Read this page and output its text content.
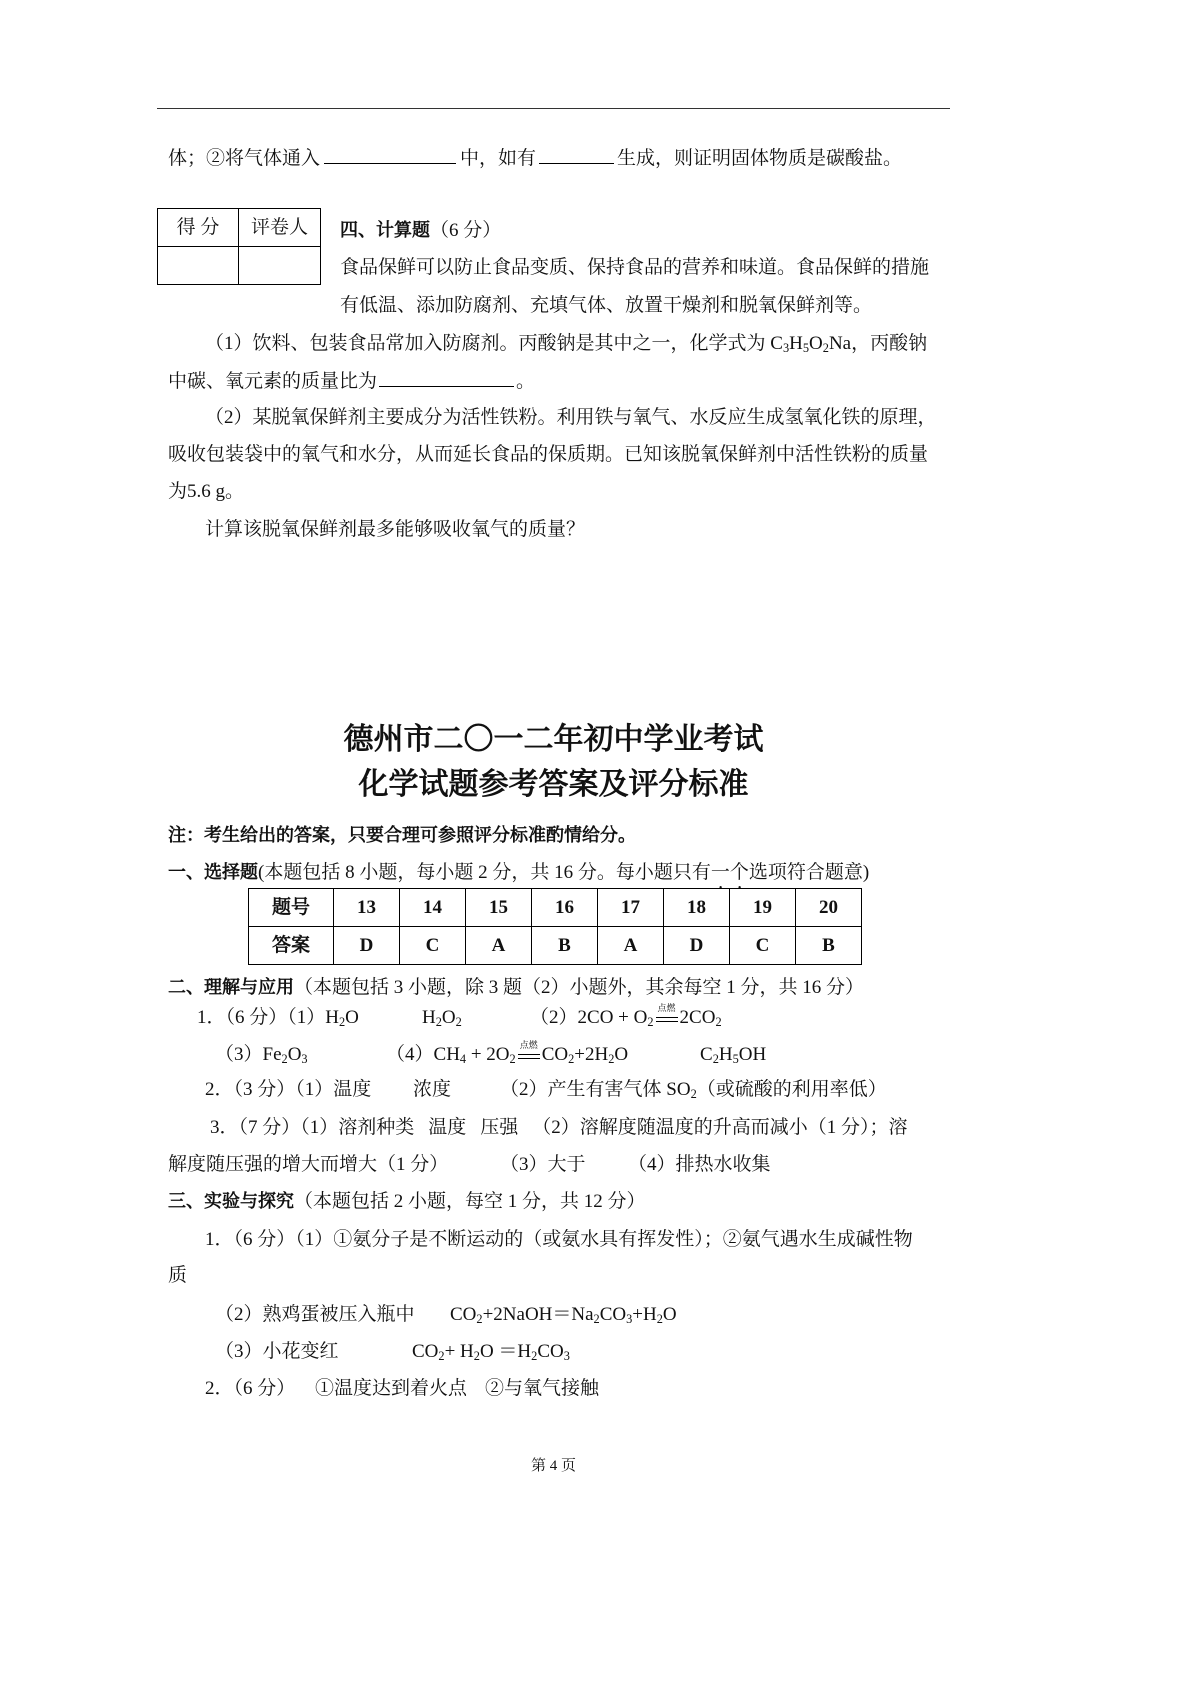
体；②将气体通入	中，如有	生成，则证明固体物质是碳酸盐。
得 分	评卷人
	四、计算题（6 分）
食品保鲜可以防止食品变质、保持食品的营养和味道。食品保鲜的措施
有低温、添加防腐剂、充填气体、放置干燥剂和脱氧保鲜剂等。
（1）饮料、包装食品常加入防腐剂。丙酸钠是其中之一，化学式为 $C_3H_5O_2Na$，丙酸钠
中碳、氧元素的质量比为	。
（2）某脱氧保鲜剂主要成分为活性铁粉。利用铁与氧气、水反应生成氢氧化铁的原理，
吸收包装袋中的氧气和水分，从而延长食品的保质期。已知该脱氧保鲜剂中活性铁粉的质量
为5.6 g。
计算该脱氧保鲜剂最多能够吸收氧气的质量？
德州市二〇一二年初中学业考试
化学试题参考答案及评分标准
注：考生给出的答案，只要合理可参照评分标准酌情给分。
一、选择题(本题包括 8 小题，每小题 2 分，共 16 分。每小题只有一个选项符合题意)
题号	13	14	15	16	17	18	19	20
答案	D	C	A	B	A	D	C	B
二、理解与应用（本题包括 3 小题，除 3 题（2）小题外，其余每空 1 分，共 16 分）
1．（6 分）$(1)H_2O$	$H_2O_2$	$(2)2CO + O_2$
点燃 $2CO_2$
$(3)Fe_2O_3$	$(4)CH_4 + 2O_2$
点燃 $CO_2+2H_2O$	$C_2H_5OH$
2．（3 分）（1）温度 浓度	（2）产生有害气体 $SO_2$（或硫酸的利用率低）
3．（7 分）（1）溶剂种类 温度 压强 （2）溶解度随温度的升高而减小（1 分）；溶
解度随压强的增大而增大（1 分）	（3）大于 （4）排热水收集
三、实验与探究（本题包括 2 小题，每空 1 分，共 12 分）
1．（6 分）（1）①氨分子是不断运动的（或氨水具有挥发性）；②氨气遇水生成碱性物
质
（2）熟鸡蛋被压入瓶中 $CO_2+2NaOH=Na_2CO_3+H_2O$
（3）小花变红	$CO_2+ H_2O =H_2CO_3$
2．（6 分） ①温度达到着火点 ②与氧气接触
第 4 页
